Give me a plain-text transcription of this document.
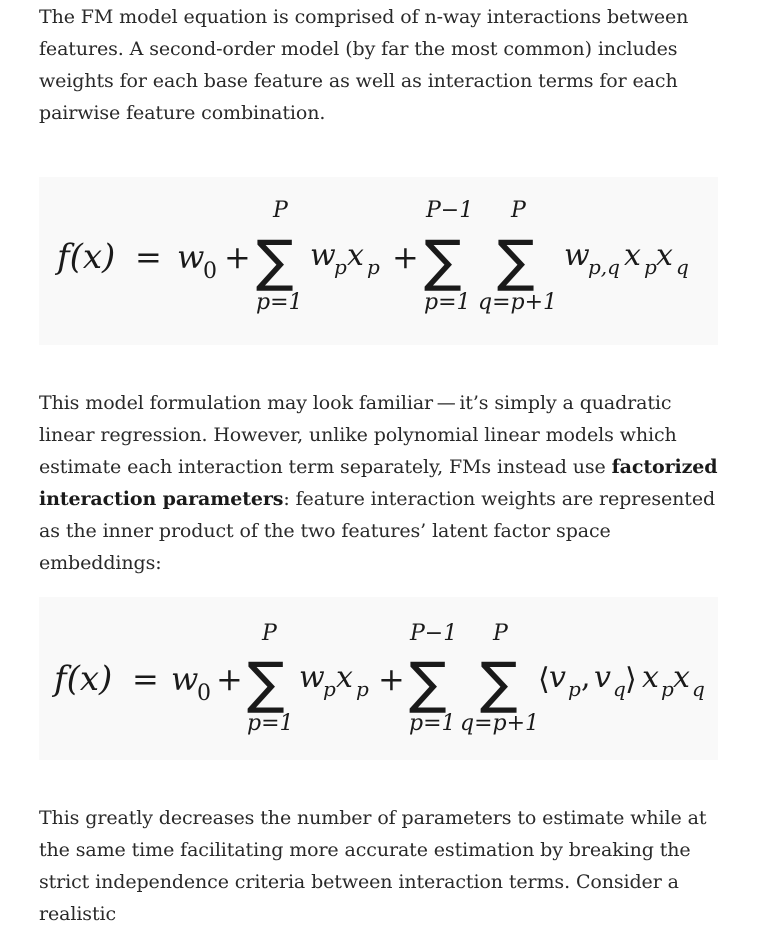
The FM model equation is comprised of n-way interactions between features. A second-order model (by far the most common) includes weights for each base feature as well as interaction terms for each pairwise feature combination.

f(x) = w
0 +
P
∑
p=1
w
p x p +
P−1
∑
p=1
P
∑
q=p+1
w
p,q x p x q

This model formulation may look familiar — it’s simply a quadratic linear regression. However, unlike polynomial linear models which estimate each interaction term separately, FMs instead use factorized interaction parameters: feature interaction weights are represented as the inner product of the two features’ latent factor space embeddings:

f(x) = w
0 +
P
∑
p=1
w
p x p +
P−1
∑
p=1
P
∑
q=p+1
⟨ v p , v q ⟩ x p x q

This greatly decreases the number of parameters to estimate while at the same time facilitating more accurate estimation by breaking the strict independence criteria between interaction terms. Consider a realistic
